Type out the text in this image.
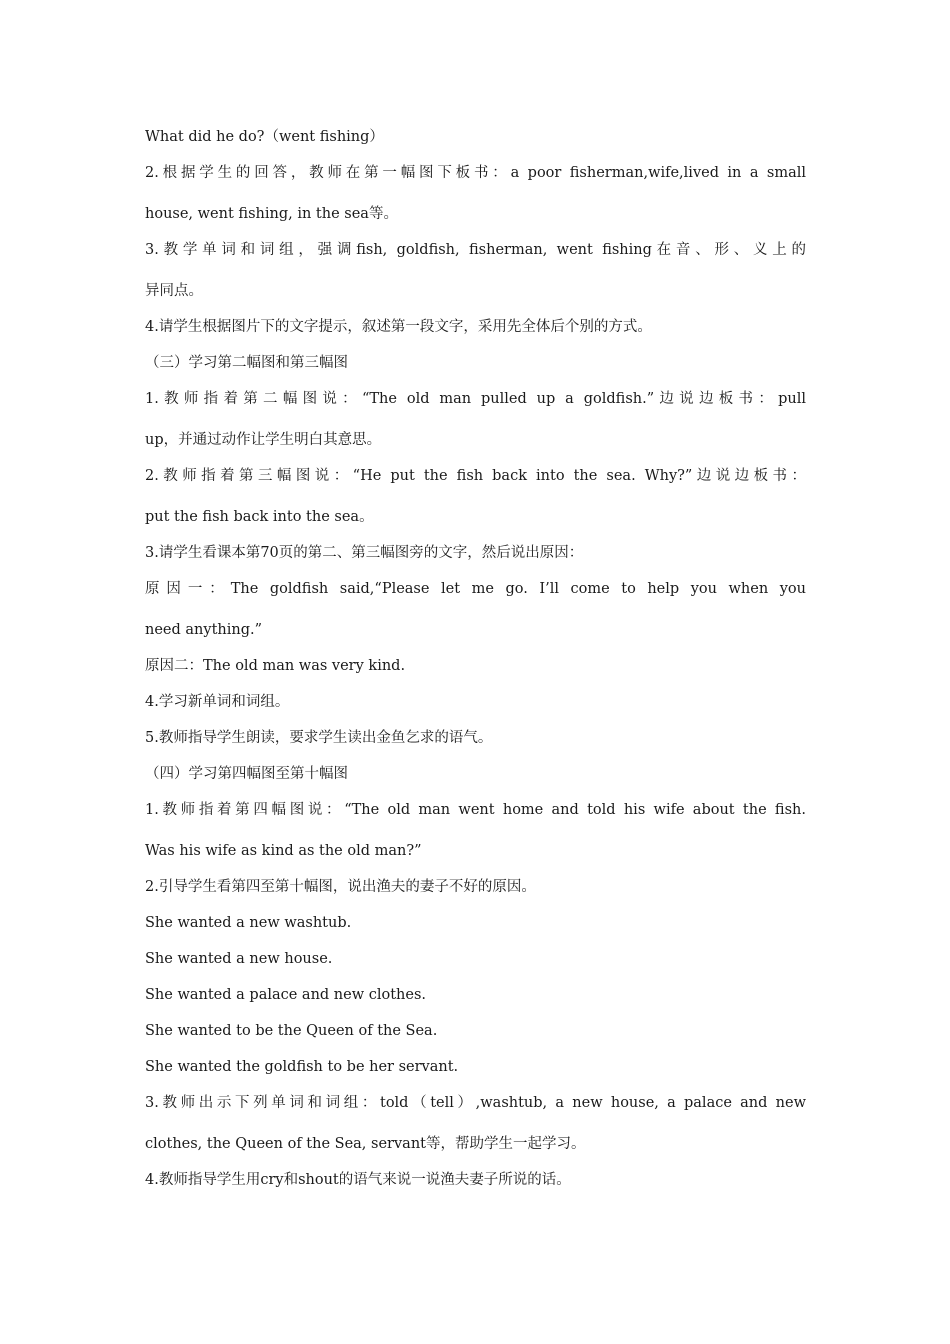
What did he do?（went fishing）
2.根据学生的回答，教师在第一幅图下板书：a poor fisherman,wife,lived in a small
house, went fishing, in the sea等。
3.教学单词和词组，强调fish, goldfish, fisherman, went fishing在音、形、义上的
异同点。
4.请学生根据图片下的文字提示，叙述第一段文字，采用先全体后个别的方式。
（三）学习第二幅图和第三幅图
1.教师指着第二幅图说：“The old man pulled up a goldfish.”边说边板书：pull
up，并通过动作让学生明白其意思。
2.教师指着第三幅图说：“He put the fish back into the sea. Why?”边说边板书：
put the fish back into the sea。
3.请学生看课本第70页的第二、第三幅图旁的文字，然后说出原因：
原因一：The goldfish said,“Please let me go. I’ll come to help you when you
need anything.”
原因二：The old man was very kind.
4.学习新单词和词组。
5.教师指导学生朗读，要求学生读出金鱼乞求的语气。
（四）学习第四幅图至第十幅图
1.教师指着第四幅图说：“The old man went home and told his wife about the fish.
Was his wife as kind as the old man?”
2.引导学生看第四至第十幅图，说出渔夫的妻子不好的原因。
She wanted a new washtub.
She wanted a new house.
She wanted a palace and new clothes.
She wanted to be the Queen of the Sea.
She wanted the goldfish to be her servant.
3.教师出示下列单词和词组：told（tell）,washtub, a new house, a palace and new
clothes, the Queen of the Sea, servant等，帮助学生一起学习。
4.教师指导学生用cry和shout的语气来说一说渔夫妻子所说的话。
